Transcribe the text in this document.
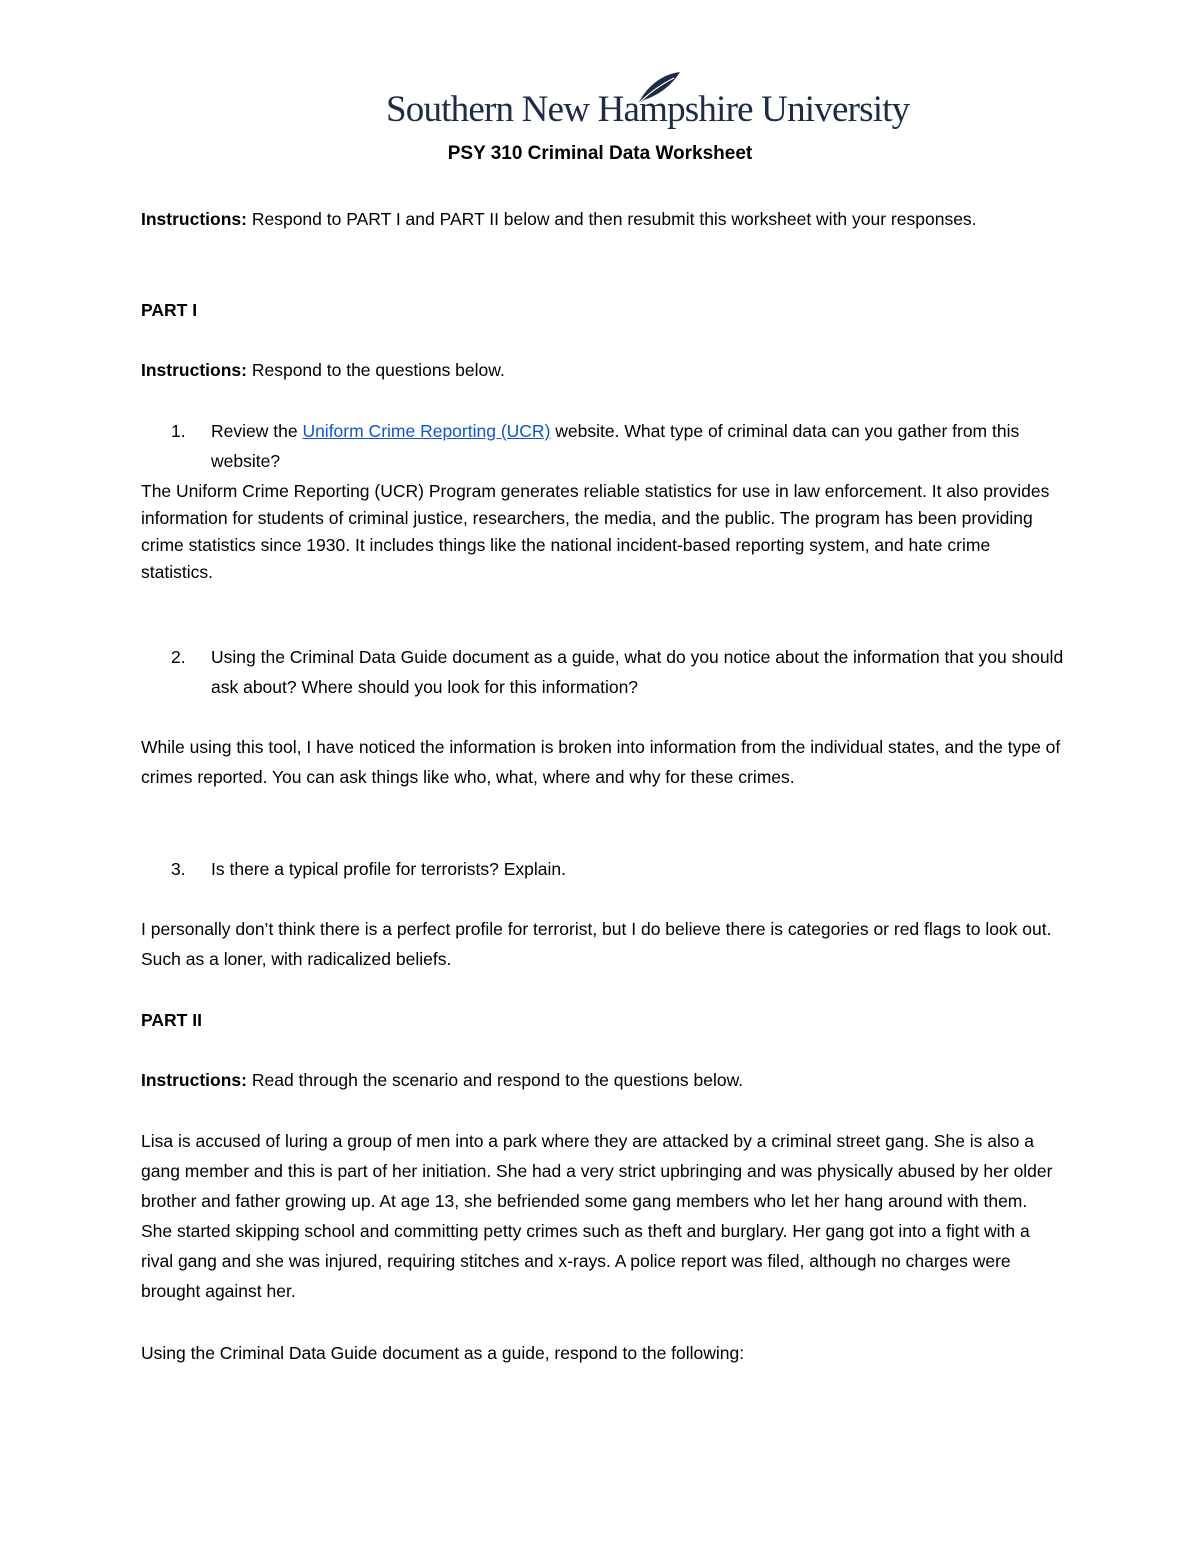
Southern New Hampshire University
PSY 310 Criminal Data Worksheet

Instructions: Respond to PART I and PART II below and then resubmit this worksheet with your responses.

PART I

Instructions: Respond to the questions below.

1. Review the Uniform Crime Reporting (UCR) website. What type of criminal data can you gather from this website?

The Uniform Crime Reporting (UCR) Program generates reliable statistics for use in law enforcement. It also provides information for students of criminal justice, researchers, the media, and the public. The program has been providing crime statistics since 1930. It includes things like the national incident-based reporting system, and hate crime statistics.

2. Using the Criminal Data Guide document as a guide, what do you notice about the information that you should ask about? Where should you look for this information?

While using this tool, I have noticed the information is broken into information from the individual states, and the type of crimes reported. You can ask things like who, what, where and why for these crimes.

3. Is there a typical profile for terrorists? Explain.

I personally don’t think there is a perfect profile for terrorist, but I do believe there is categories or red flags to look out. Such as a loner, with radicalized beliefs.

PART II

Instructions: Read through the scenario and respond to the questions below.

Lisa is accused of luring a group of men into a park where they are attacked by a criminal street gang. She is also a gang member and this is part of her initiation. She had a very strict upbringing and was physically abused by her older brother and father growing up. At age 13, she befriended some gang members who let her hang around with them. She started skipping school and committing petty crimes such as theft and burglary. Her gang got into a fight with a rival gang and she was injured, requiring stitches and x-rays. A police report was filed, although no charges were brought against her.

Using the Criminal Data Guide document as a guide, respond to the following:
